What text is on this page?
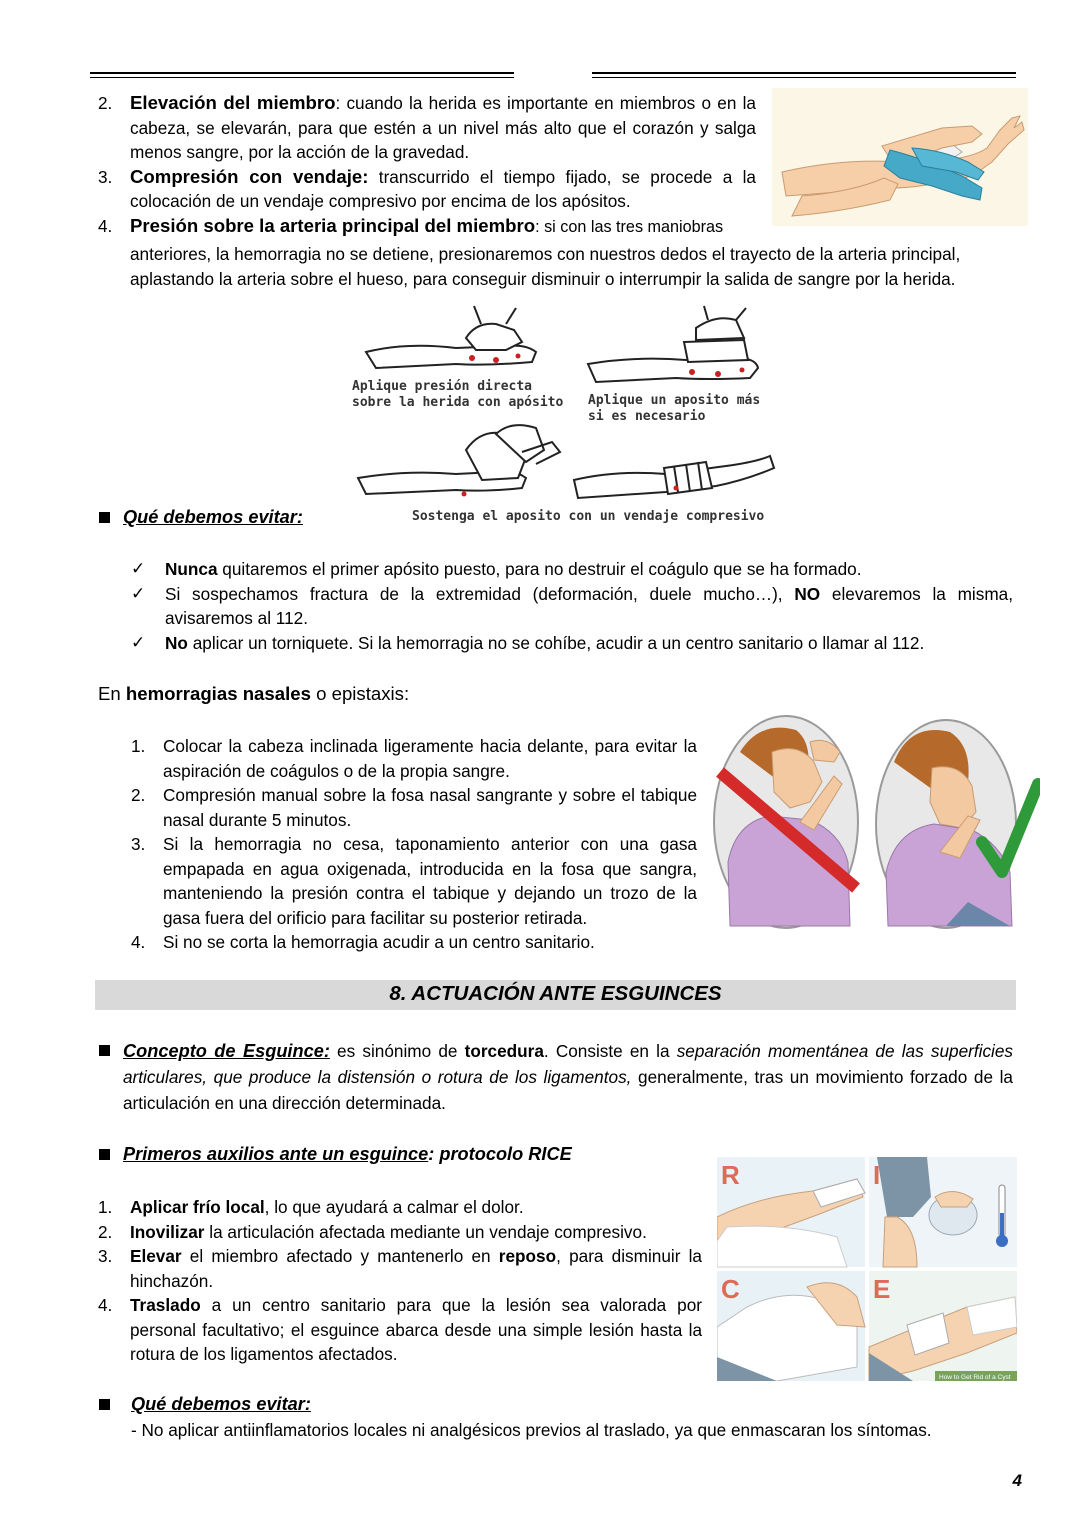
2. Elevación del miembro: cuando la herida es importante en miembros o en la cabeza, se elevarán, para que estén a un nivel más alto que el corazón y salga menos sangre, por la acción de la gravedad.
3. Compresión con vendaje: transcurrido el tiempo fijado, se procede a la colocación de un vendaje compresivo por encima de los apósitos.
4. Presión sobre la arteria principal del miembro: si con las tres maniobras
anteriores, la hemorragia no se detiene, presionaremos con nuestros dedos el trayecto de la arteria principal, aplastando la arteria sobre el hueso, para conseguir disminuir o interrumpir la salida de sangre por la herida.
Aplique presión directa
sobre la herida con apósito Aplique un aposito más
si es necesario
Sostenga el aposito con un vendaje compresivo
Qué debemos evitar:
✓ Nunca quitaremos el primer apósito puesto, para no destruir el coágulo que se ha formado.
✓ Si sospechamos fractura de la extremidad (deformación, duele mucho…), NO elevaremos la misma, avisaremos al 112.
✓ No aplicar un torniquete. Si la hemorragia no se cohíbe, acudir a un centro sanitario o llamar al 112.
En hemorragias nasales o epistaxis:
1.	Colocar la cabeza inclinada ligeramente hacia delante, para evitar la aspiración de coágulos o de la propia sangre.
2.	Compresión manual sobre la fosa nasal sangrante y sobre el tabique nasal durante 5 minutos.
3.	Si la hemorragia no cesa, taponamiento anterior con una gasa empapada en agua oxigenada, introducida en la fosa que sangra, manteniendo la presión contra el tabique y dejando un trozo de la gasa fuera del orificio para facilitar su posterior retirada.
4.	Si no se corta la hemorragia acudir a un centro sanitario.
8. ACTUACIÓN ANTE ESGUINCES
Concepto de Esguince: es sinónimo de torcedura. Consiste en la separación momentánea de las superficies articulares, que produce la distensión o rotura de los ligamentos, generalmente, tras un movimiento forzado de la articulación en una dirección determinada.
Primeros auxilios ante un esguince: protocolo RICE
1.	Aplicar frío local, lo que ayudará a calmar el dolor.
2.	Inovilizar la articulación afectada mediante un vendaje compresivo.
3.	Elevar el miembro afectado y mantenerlo en reposo, para disminuir la hinchazón.
4.	Traslado a un centro sanitario para que la lesión sea valorada por personal facultativo; el esguince abarca desde una simple lesión hasta la rotura de los ligamentos afectados.
R	I
C	E
How to Get Rid of a Cyst
Qué debemos evitar:
- No aplicar antiinflamatorios locales ni analgésicos previos al traslado, ya que enmascaran los síntomas.
4
